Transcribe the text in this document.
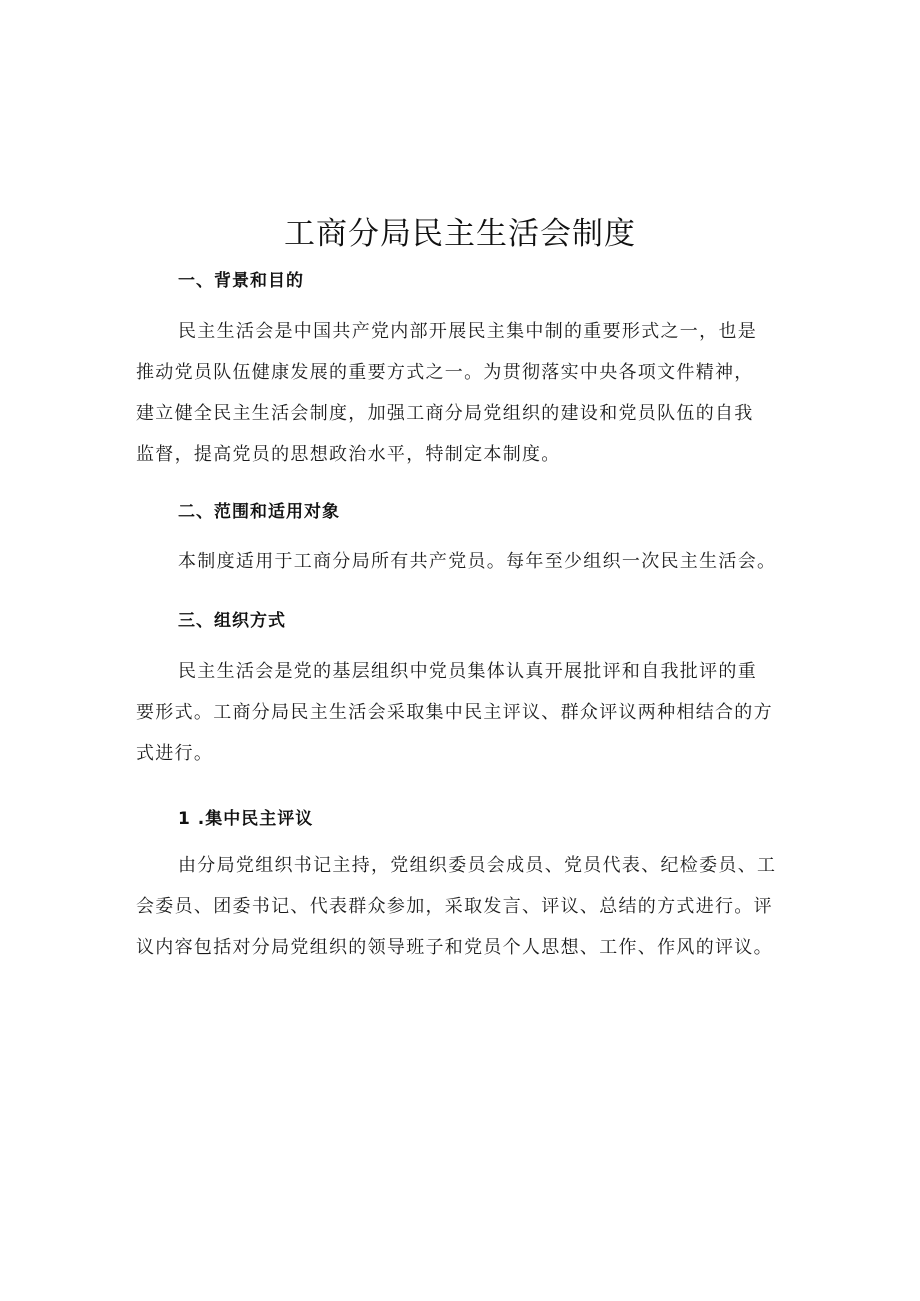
工商分局民主生活会制度
一、背景和目的

民主生活会是中国共产党内部开展民主集中制的重要形式之一，也是
推动党员队伍健康发展的重要方式之一。为贯彻落实中央各项文件精神，
建立健全民主生活会制度，加强工商分局党组织的建设和党员队伍的自我
监督，提高党员的思想政治水平，特制定本制度。

二、范围和适用对象

本制度适用于工商分局所有共产党员。每年至少组织一次民主生活会。

三、组织方式

民主生活会是党的基层组织中党员集体认真开展批评和自我批评的重
要形式。工商分局民主生活会采取集中民主评议、群众评议两种相结合的方
式进行。

1 .集中民主评议

由分局党组织书记主持，党组织委员会成员、党员代表、纪检委员、工
会委员、团委书记、代表群众参加，采取发言、评议、总结的方式进行。评
议内容包括对分局党组织的领导班子和党员个人思想、工作、作风的评议。
